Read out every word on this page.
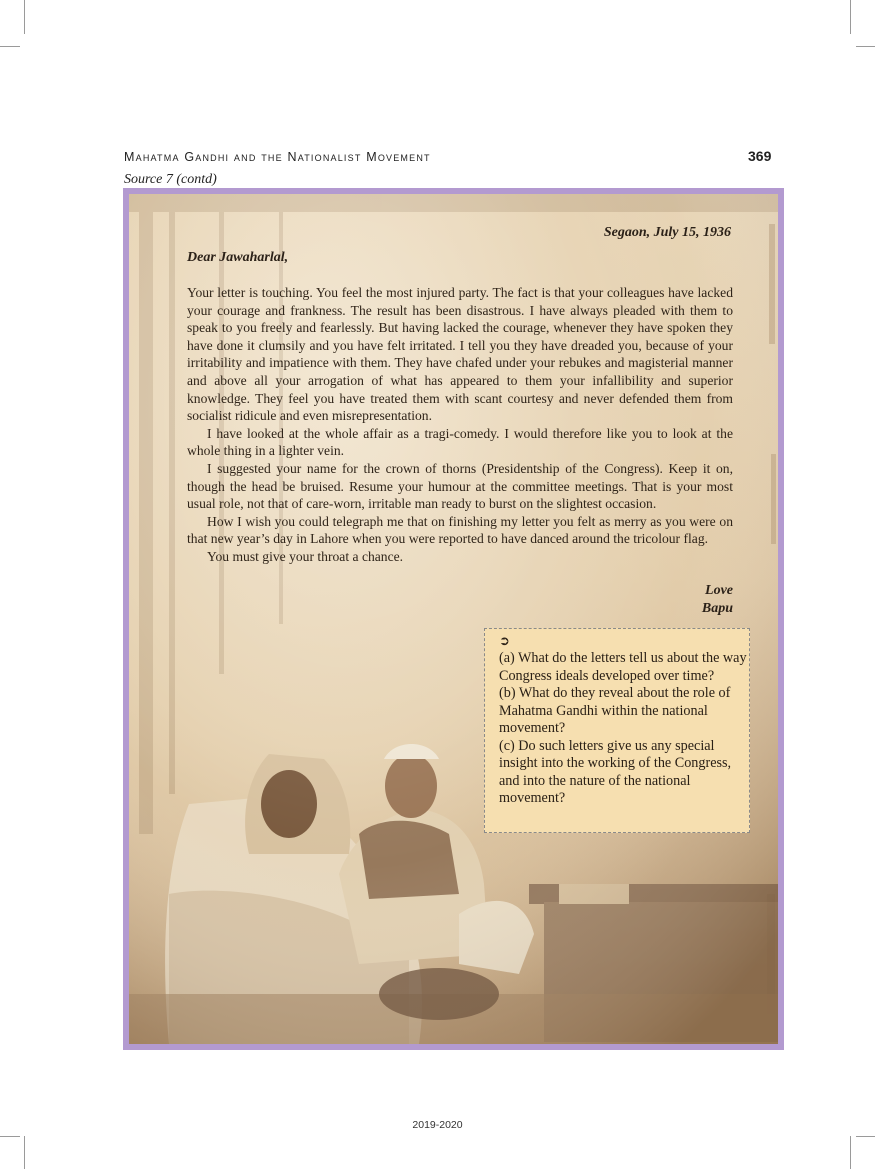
Mahatma Gandhi and the Nationalist Movement	369
Source 7 (contd)
Segaon, July 15, 1936
Dear Jawaharlal,

Your letter is touching. You feel the most injured party. The fact is that your colleagues have lacked your courage and frankness. The result has been disastrous. I have always pleaded with them to speak to you freely and fearlessly. But having lacked the courage, whenever they have spoken they have done it clumsily and you have felt irritated. I tell you they have dreaded you, because of your irritability and impatience with them. They have chafed under your rebukes and magisterial manner and above all your arrogation of what has appeared to them your infallibility and superior knowledge. They feel you have treated them with scant courtesy and never defended them from socialist ridicule and even misrepresentation.

I have looked at the whole affair as a tragi-comedy. I would therefore like you to look at the whole thing in a lighter vein.

I suggested your name for the crown of thorns (Presidentship of the Congress). Keep it on, though the head be bruised. Resume your humour at the committee meetings. That is your most usual role, not that of care-worn, irritable man ready to burst on the slightest occasion.

How I wish you could telegraph me that on finishing my letter you felt as merry as you were on that new year’s day in Lahore when you were reported to have danced around the tricolour flag.

You must give your throat a chance.

Love
Bapu
➲

(a) What do the letters tell us about the way Congress ideals developed over time?

(b) What do they reveal about the role of Mahatma Gandhi within the national movement?

(c) Do such letters give us any special insight into the working of the Congress, and into the nature of the national movement?

2019-2020
